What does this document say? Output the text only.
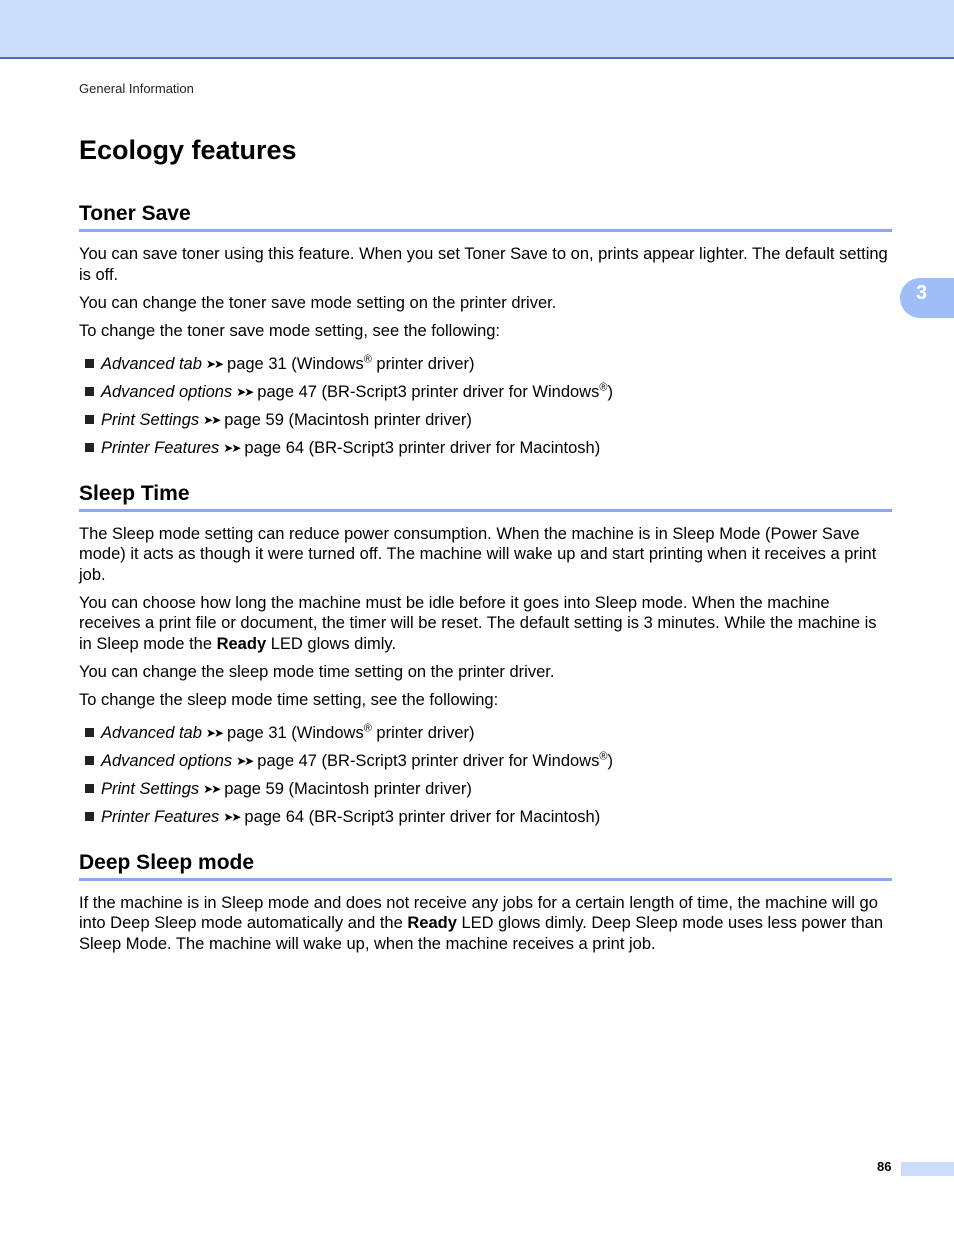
General Information
3
Ecology features
Toner Save

You can save toner using this feature. When you set Toner Save to on, prints appear lighter. The default setting is off.

You can change the toner save mode setting on the printer driver.

To change the toner save mode setting, see the following:

Advanced tab ➤➤ page 31 (Windows® printer driver)
Advanced options ➤➤ page 47 (BR-Script3 printer driver for Windows®)
Print Settings ➤➤ page 59 (Macintosh printer driver)
Printer Features ➤➤ page 64 (BR-Script3 printer driver for Macintosh)
Sleep Time

The Sleep mode setting can reduce power consumption. When the machine is in Sleep Mode (Power Save mode) it acts as though it were turned off. The machine will wake up and start printing when it receives a print job.

You can choose how long the machine must be idle before it goes into Sleep mode. When the machine receives a print file or document, the timer will be reset. The default setting is 3 minutes. While the machine is in Sleep mode the Ready LED glows dimly.

You can change the sleep mode time setting on the printer driver.

To change the sleep mode time setting, see the following:

Advanced tab ➤➤ page 31 (Windows® printer driver)
Advanced options ➤➤ page 47 (BR-Script3 printer driver for Windows®)
Print Settings ➤➤ page 59 (Macintosh printer driver)
Printer Features ➤➤ page 64 (BR-Script3 printer driver for Macintosh)
Deep Sleep mode

If the machine is in Sleep mode and does not receive any jobs for a certain length of time, the machine will go into Deep Sleep mode automatically and the Ready LED glows dimly. Deep Sleep mode uses less power than Sleep Mode. The machine will wake up, when the machine receives a print job.

86
